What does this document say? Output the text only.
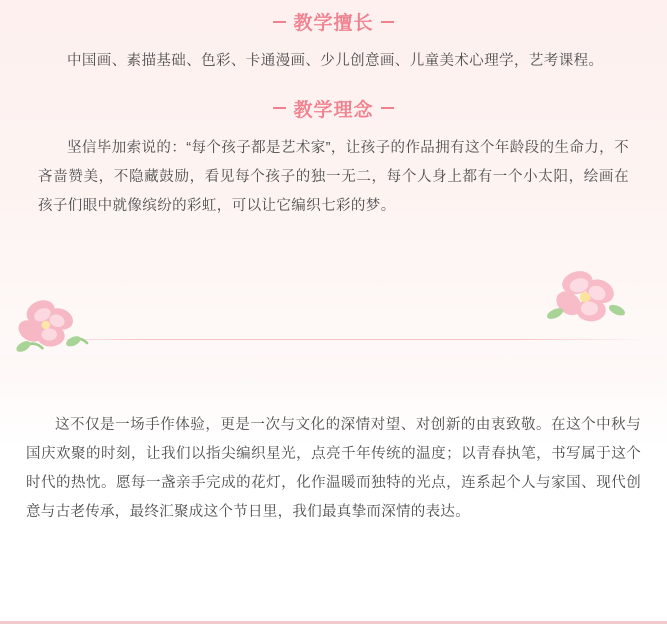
教学擅长

中国画、素描基础、色彩、卡通漫画、少儿创意画、儿童美术心理学，艺考课程。

教学理念

坚信毕加索说的：“每个孩子都是艺术家”，让孩子的作品拥有这个年龄段的生命力，不吝啬赞美，不隐藏鼓励，看见每个孩子的独一无二，每个人身上都有一个小太阳，绘画在孩子们眼中就像缤纷的彩虹，可以让它编织七彩的梦。

这不仅是一场手作体验，更是一次与文化的深情对望、对创新的由衷致敬。在这个中秋与国庆欢聚的时刻，让我们以指尖编织星光，点亮千年传统的温度；以青春执笔，书写属于这个时代的热忱。愿每一盏亲手完成的花灯，化作温暖而独特的光点，连系起个人与家国、现代创意与古老传承，最终汇聚成这个节日里，我们最真挚而深情的表达。
